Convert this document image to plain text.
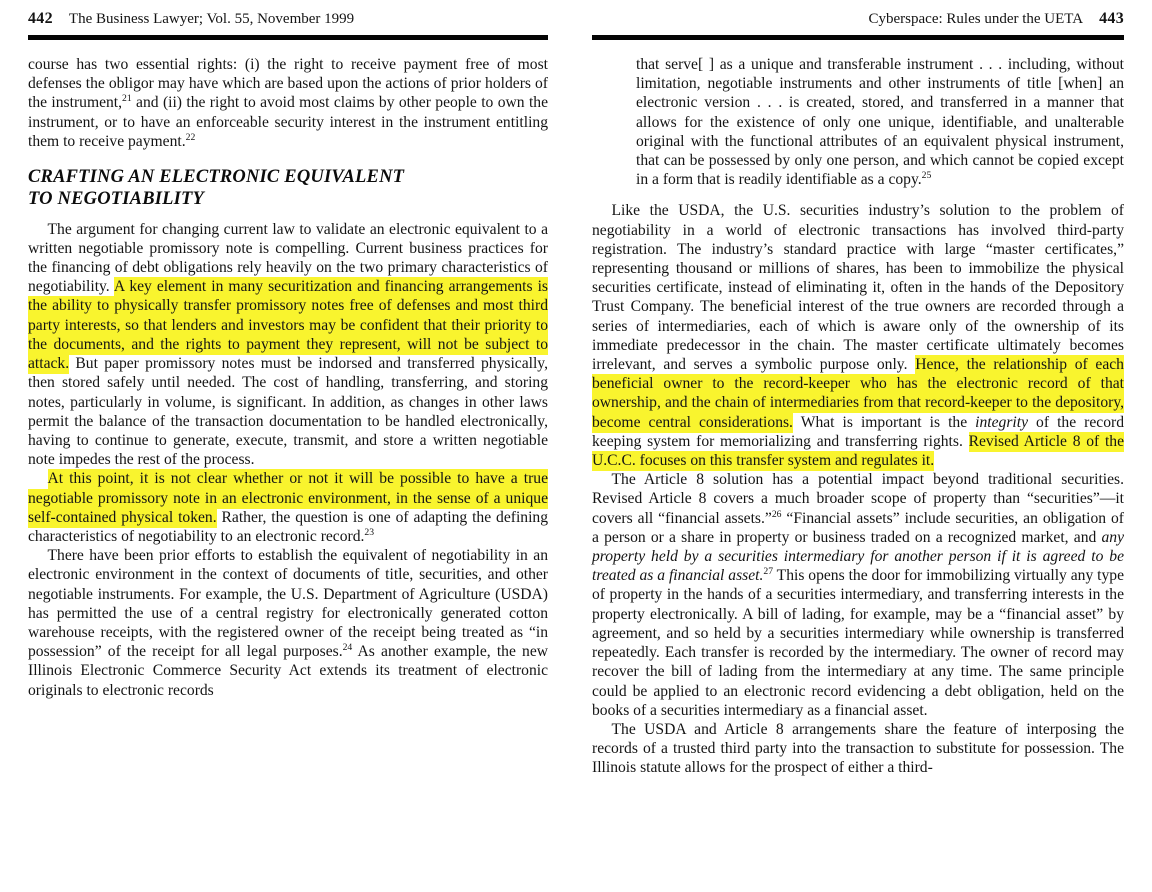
442 The Business Lawyer; Vol. 55, November 1999

course has two essential rights: (i) the right to receive payment free of most defenses the obligor may have which are based upon the actions of prior holders of the instrument,$^{21}$ and (ii) the right to avoid most claims by other people to own the instrument, or to have an enforceable security interest in the instrument entitling them to receive payment.$^{22}$

CRAFTING AN ELECTRONIC EQUIVALENT
TO NEGOTIABILITY

The argument for changing current law to validate an electronic equivalent to a written negotiable promissory note is compelling. Current business practices for the financing of debt obligations rely heavily on the two primary characteristics of negotiability. A key element in many securitization and financing arrangements is the ability to physically transfer promissory notes free of defenses and most third party interests, so that lenders and investors may be confident that their priority to the documents, and the rights to payment they represent, will not be subject to attack. But paper promissory notes must be indorsed and transferred physically, then stored safely until needed. The cost of handling, transferring, and storing notes, particularly in volume, is significant. In addition, as changes in other laws permit the balance of the transaction documentation to be handled electronically, having to continue to generate, execute, transmit, and store a written negotiable note impedes the rest of the process.

At this point, it is not clear whether or not it will be possible to have a true negotiable promissory note in an electronic environment, in the sense of a unique self-contained physical token. Rather, the question is one of adapting the defining characteristics of negotiability to an electronic record.$^{23}$

There have been prior efforts to establish the equivalent of negotiability in an electronic environment in the context of documents of title, securities, and other negotiable instruments. For example, the U.S. Department of Agriculture (USDA) has permitted the use of a central registry for electronically generated cotton warehouse receipts, with the registered owner of the receipt being treated as “in possession” of the receipt for all legal purposes.$^{24}$ As another example, the new Illinois Electronic Commerce Security Act extends its treatment of electronic originals to electronic records

Cyberspace: Rules under the UETA 443

that serve[ ] as a unique and transferable instrument . . . including, without limitation, negotiable instruments and other instruments of title [when] an electronic version . . . is created, stored, and transferred in a manner that allows for the existence of only one unique, identifiable, and unalterable original with the functional attributes of an equivalent physical instrument, that can be possessed by only one person, and which cannot be copied except in a form that is readily identifiable as a copy.$^{25}$

Like the USDA, the U.S. securities industry’s solution to the problem of negotiability in a world of electronic transactions has involved third-party registration. The industry’s standard practice with large “master certificates,” representing thousand or millions of shares, has been to immobilize the physical securities certificate, instead of eliminating it, often in the hands of the Depository Trust Company. The beneficial interest of the true owners are recorded through a series of intermediaries, each of which is aware only of the ownership of its immediate predecessor in the chain. The master certificate ultimately becomes irrelevant, and serves a symbolic purpose only. Hence, the relationship of each beneficial owner to the record-keeper who has the electronic record of that ownership, and the chain of intermediaries from that record-keeper to the depository, become central considerations. What is important is the integrity of the record keeping system for memorializing and transferring rights. Revised Article 8 of the U.C.C. focuses on this transfer system and regulates it.

The Article 8 solution has a potential impact beyond traditional securities. Revised Article 8 covers a much broader scope of property than “securities”—it covers all “financial assets.”$^{26}$ “Financial assets” include securities, an obligation of a person or a share in property or business traded on a recognized market, and any property held by a securities intermediary for another person if it is agreed to be treated as a financial asset.$^{27}$ This opens the door for immobilizing virtually any type of property in the hands of a securities intermediary, and transferring interests in the property electronically. A bill of lading, for example, may be a “financial asset” by agreement, and so held by a securities intermediary while ownership is transferred repeatedly. Each transfer is recorded by the intermediary. The owner of record may recover the bill of lading from the intermediary at any time. The same principle could be applied to an electronic record evidencing a debt obligation, held on the books of a securities intermediary as a financial asset.

The USDA and Article 8 arrangements share the feature of interposing the records of a trusted third party into the transaction to substitute for possession. The Illinois statute allows for the prospect of either a third-
